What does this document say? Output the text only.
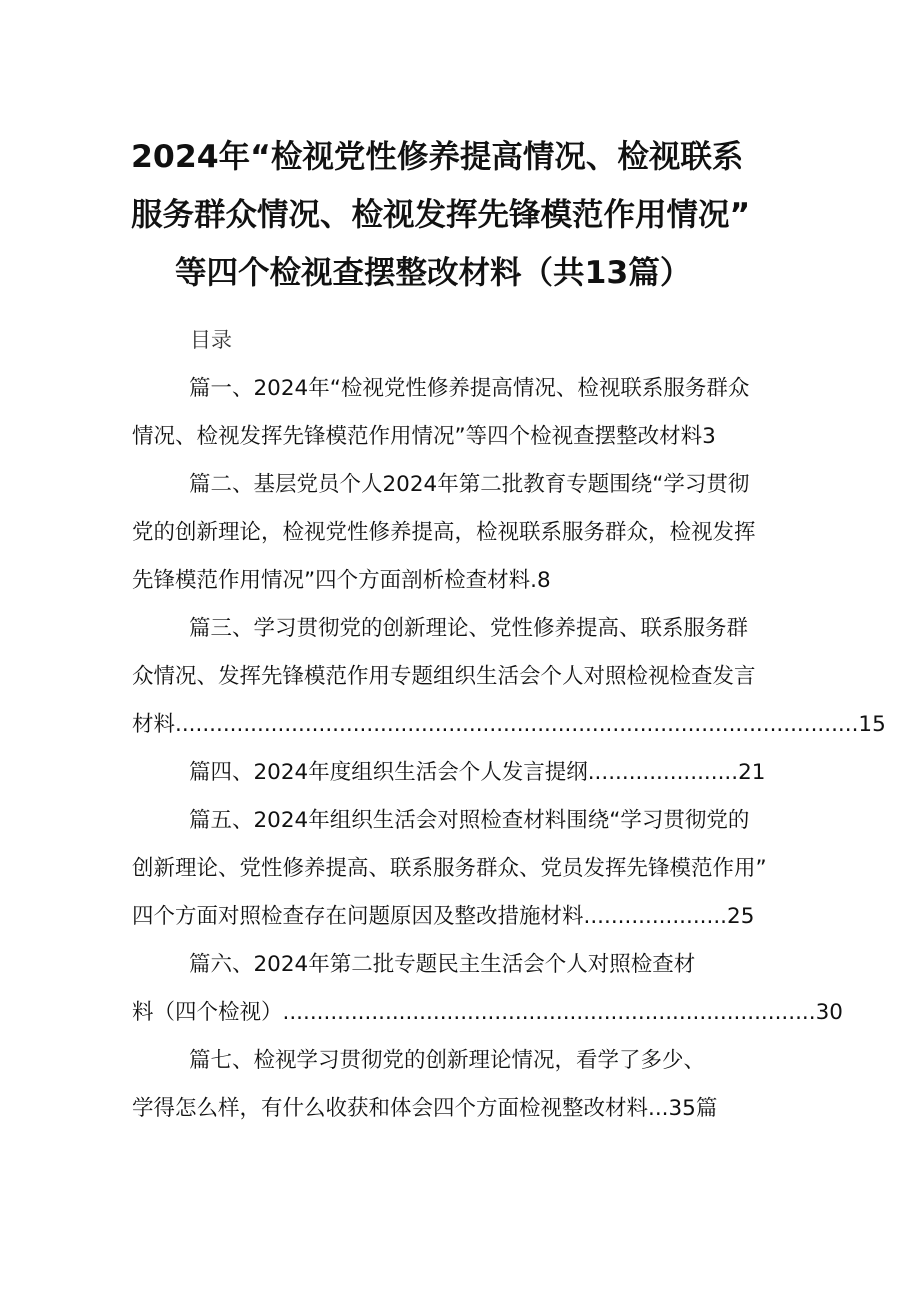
2024年“检视党性修养提高情况、检视联系
服务群众情况、检视发挥先锋模范作用情况”
等四个检视查摆整改材料（共13篇）
目录
篇一、2024年“检视党性修养提高情况、检视联系服务群众
情况、检视发挥先锋模范作用情况”等四个检视查摆整改材料3
篇二、基层党员个人2024年第二批教育专题围绕“学习贯彻
党的创新理论，检视党性修养提高，检视联系服务群众，检视发挥
先锋模范作用情况”四个方面剖析检查材料.8
篇三、学习贯彻党的创新理论、党性修养提高、联系服务群
众情况、发挥先锋模范作用专题组织生活会个人对照检视检查发言
材料....................................................................................................15
篇四、2024年度组织生活会个人发言提纲......................21
篇五、2024年组织生活会对照检查材料围绕“学习贯彻党的
创新理论、党性修养提高、联系服务群众、党员发挥先锋模范作用”
四个方面对照检查存在问题原因及整改措施材料.....................25
篇六、2024年第二批专题民主生活会个人对照检查材
料（四个检视）..............................................................................30
篇七、检视学习贯彻党的创新理论情况，看学了多少、
学得怎么样，有什么收获和体会四个方面检视整改材料...35篇
